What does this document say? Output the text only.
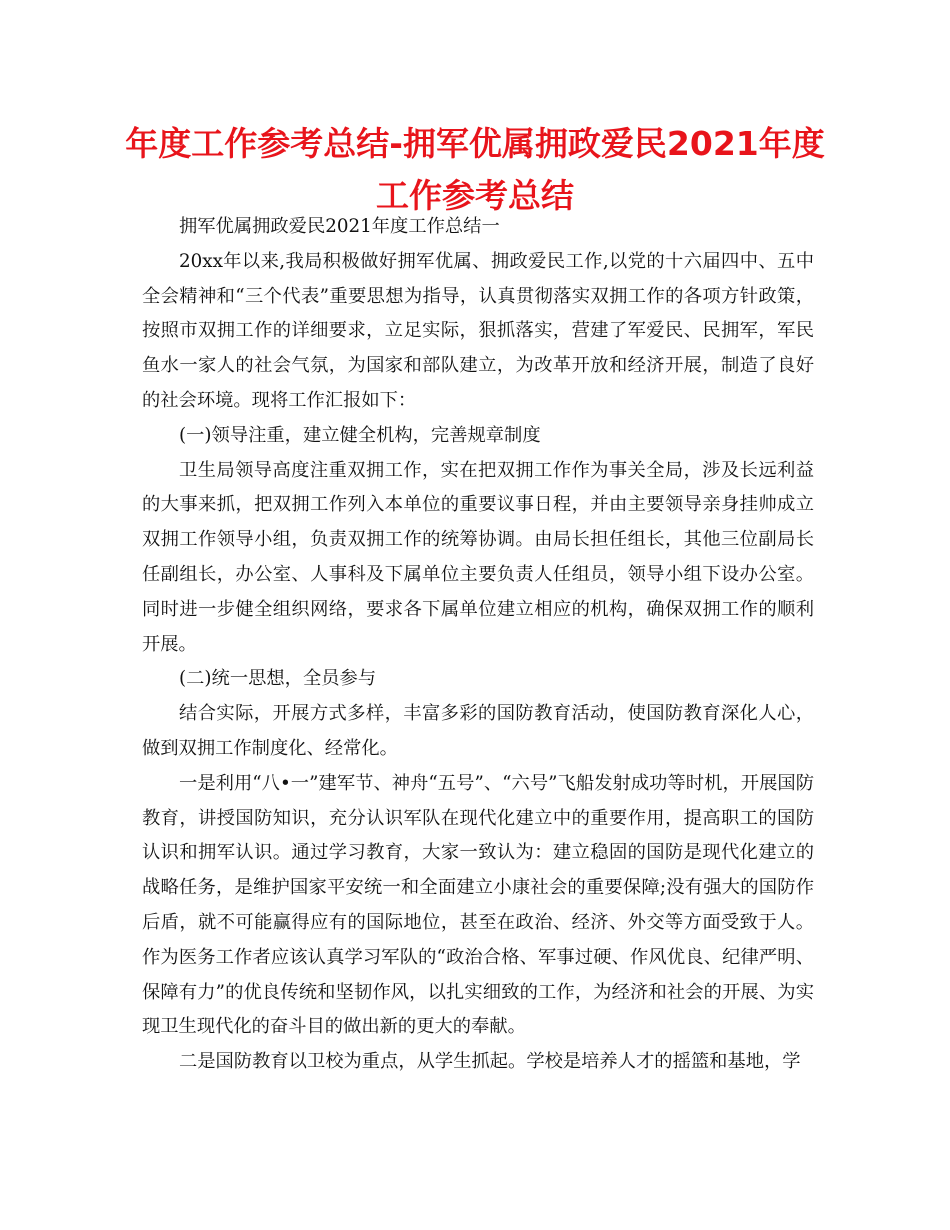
年度工作参考总结-拥军优属拥政爱民2021年度工作参考总结

拥军优属拥政爱民2021年度工作总结一

20xx年以来,我局积极做好拥军优属、拥政爱民工作,以党的十六届四中、五中全会精神和“三个代表”重要思想为指导，认真贯彻落实双拥工作的各项方针政策，按照市双拥工作的详细要求，立足实际，狠抓落实，营建了军爱民、民拥军，军民鱼水一家人的社会气氛，为国家和部队建立，为改革开放和经济开展，制造了良好的社会环境。现将工作汇报如下：

(一)领导注重，建立健全机构，完善规章制度

卫生局领导高度注重双拥工作，实在把双拥工作作为事关全局，涉及长远利益的大事来抓，把双拥工作列入本单位的重要议事日程，并由主要领导亲身挂帅成立双拥工作领导小组，负责双拥工作的统筹协调。由局长担任组长，其他三位副局长任副组长，办公室、人事科及下属单位主要负责人任组员，领导小组下设办公室。同时进一步健全组织网络，要求各下属单位建立相应的机构，确保双拥工作的顺利开展。

(二)统一思想，全员参与

结合实际，开展方式多样，丰富多彩的国防教育活动，使国防教育深化人心，做到双拥工作制度化、经常化。

一是利用“八•一”建军节、神舟“五号”、“六号”飞船发射成功等时机，开展国防教育，讲授国防知识，充分认识军队在现代化建立中的重要作用，提高职工的国防认识和拥军认识。通过学习教育，大家一致认为：建立稳固的国防是现代化建立的战略任务，是维护国家平安统一和全面建立小康社会的重要保障;没有强大的国防作后盾，就不可能赢得应有的国际地位，甚至在政治、经济、外交等方面受致于人。作为医务工作者应该认真学习军队的“政治合格、军事过硬、作风优良、纪律严明、保障有力”的优良传统和坚韧作风，以扎实细致的工作，为经济和社会的开展、为实现卫生现代化的奋斗目的做出新的更大的奉献。

二是国防教育以卫校为重点，从学生抓起。学校是培养人才的摇篮和基地，学
